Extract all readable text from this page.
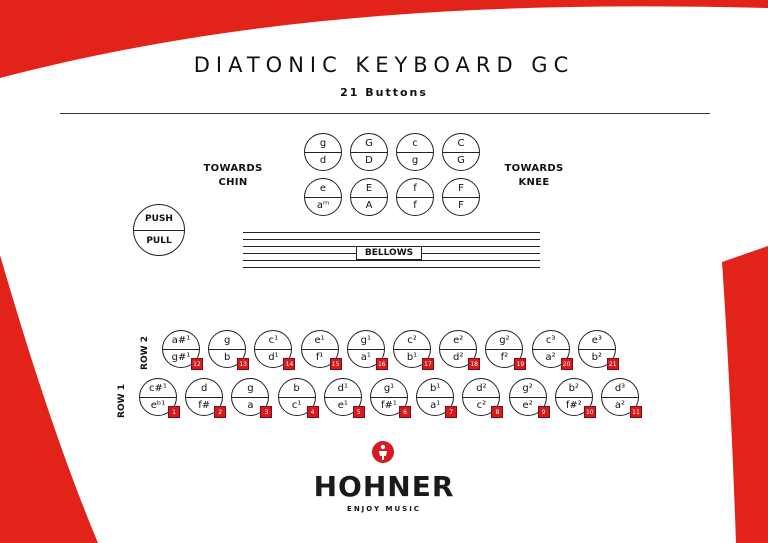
DIATONIC KEYBOARD GC
21 Buttons
TOWARDS
CHIN
TOWARDS
KNEE
g
d
G
D
c
g
C
G
e
aᵐ
E
A
f
f
F
F
PUSH
PULL
BELLOWS
ROW 2
ROW 1
a#¹
g#¹
12
g
b
13
c¹
d¹
14
e¹
f¹
15
g¹
a¹
16
c²
b¹
17
e²
d²
18
g²
f²
19
c³
a²
20
e³
b²
21
c#¹
eᵇ¹
1
d
f#
2
g
a
3
b
c¹
4
d¹
e¹
5
g¹
f#¹
6
b¹
a¹
7
d²
c²
8
g²
e²
9
b²
f#²
10
d³
a²
11
HOHNER
ENJOY MUSIC
